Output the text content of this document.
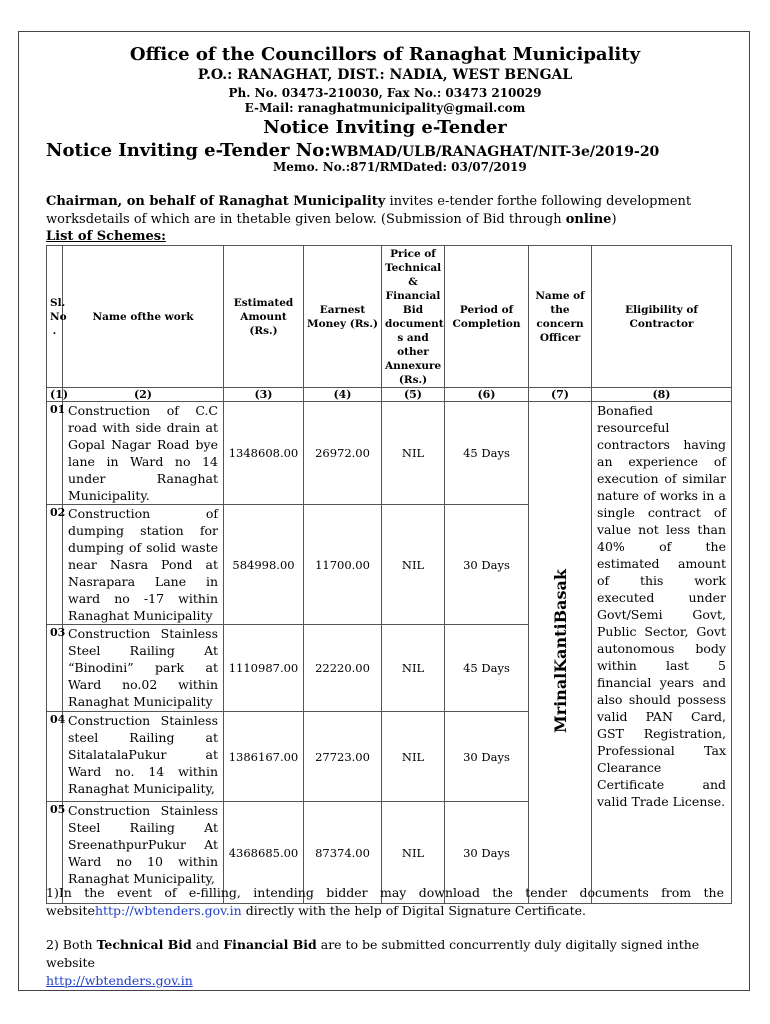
Office of the Councillors of Ranaghat Municipality
P.O.: RANAGHAT, DIST.: NADIA, WEST BENGAL
Ph. No. 03473-210030, Fax No.: 03473 210029
E-Mail: ranaghatmunicipality@gmail.com
Notice Inviting e-Tender
Notice Inviting e-Tender No:WBMAD/ULB/RANAGHAT/NIT-3e/2019-20
Memo. No.:871/RMDated: 03/07/2019
Chairman, on behalf of Ranaghat Municipality invites e-tender forthe following development worksdetails of which are in thetable given below. (Submission of Bid through online)
List of Schemes:
Sl. No .	Name ofthe work	Estimated Amount (Rs.)	Earnest Money (Rs.)	Price of Technical & Financial Bid document s and other Annexure (Rs.)	Period of Completion	Name of the concern Officer	Eligibility of Contractor
(1)	(2)	(3)	(4)	(5)	(6)	(7)	(8)
01	Construction of C.C road with side drain at Gopal Nagar Road bye lane in Ward no 14 under Ranaghat Municipality.	1348608.00	26972.00	NIL	45 Days	MrinalKantiBasak	Bonafied resourceful contractors having an experience of execution of similar nature of works in a single contract of value not less than 40% of the estimated amount of this work executed under Govt/Semi Govt, Public Sector, Govt autonomous body within last 5 financial years and also should possess valid PAN Card, GST Registration, Professional Tax Clearance Certificate and valid Trade License.
02	Construction of dumping station for dumping of solid waste near Nasra Pond at Nasrapara Lane in ward no -17 within Ranaghat Municipality	584998.00	11700.00	NIL	30 Days		
03	Construction Stainless Steel Railing At “Binodini” park at Ward no.02 within Ranaghat Municipality	1110987.00	22220.00	NIL	45 Days		
04	Construction Stainless steel Railing at SitalatalaPukur at Ward no. 14 within Ranaghat Municipality,	1386167.00	27723.00	NIL	30 Days		
05	Construction Stainless Steel Railing At SreenathpurPukur At Ward no 10 within Ranaghat Municipality,	4368685.00	87374.00	NIL	30 Days		
1)In the event of e-filling, intending bidder may download the tender documents from the websitehttp://wbtenders.gov.in directly with the help of Digital Signature Certificate.
2) Both Technical Bid and Financial Bid are to be submitted concurrently duly digitally signed inthe website
http://wbtenders.gov.in
